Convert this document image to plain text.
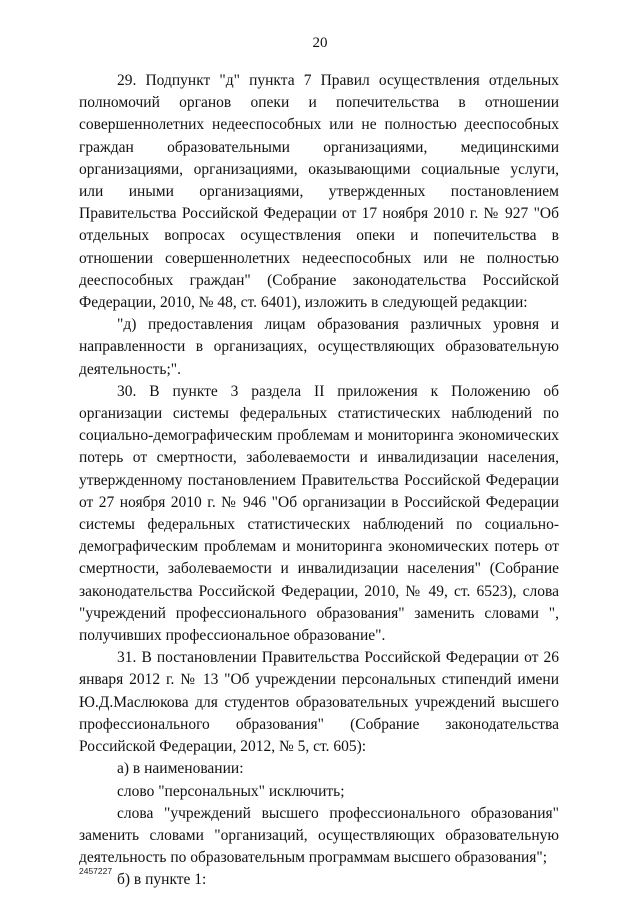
20

29. Подпункт "д" пункта 7 Правил осуществления отдельных полномочий органов опеки и попечительства в отношении совершеннолетних недееспособных или не полностью дееспособных граждан образовательными организациями, медицинскими организациями, организациями, оказывающими социальные услуги, или иными организациями, утвержденных постановлением Правительства Российской Федерации от 17 ноября 2010 г. № 927 "Об отдельных вопросах осуществления опеки и попечительства в отношении совершеннолетних недееспособных или не полностью дееспособных граждан" (Собрание законодательства Российской Федерации, 2010, № 48, ст. 6401), изложить в следующей редакции:

"д) предоставления лицам образования различных уровня и направленности в организациях, осуществляющих образовательную деятельность;".

30. В пункте 3 раздела II приложения к Положению об организации системы федеральных статистических наблюдений по социально-демографическим проблемам и мониторинга экономических потерь от смертности, заболеваемости и инвалидизации населения, утвержденному постановлением Правительства Российской Федерации от 27 ноября 2010 г. № 946 "Об организации в Российской Федерации системы федеральных статистических наблюдений по социально-демографическим проблемам и мониторинга экономических потерь от смертности, заболеваемости и инвалидизации населения" (Собрание законодательства Российской Федерации, 2010, № 49, ст. 6523), слова "учреждений профессионального образования" заменить словами ", получивших профессиональное образование".

31. В постановлении Правительства Российской Федерации от 26 января 2012 г. № 13 "Об учреждении персональных стипендий имени Ю.Д.Маслюкова для студентов образовательных учреждений высшего профессионального образования" (Собрание законодательства Российской Федерации, 2012, № 5, ст. 605):

а) в наименовании:

слово "персональных" исключить;

слова "учреждений высшего профессионального образования" заменить словами "организаций, осуществляющих образовательную деятельность по образовательным программам высшего образования";

б) в пункте 1:

2457227
